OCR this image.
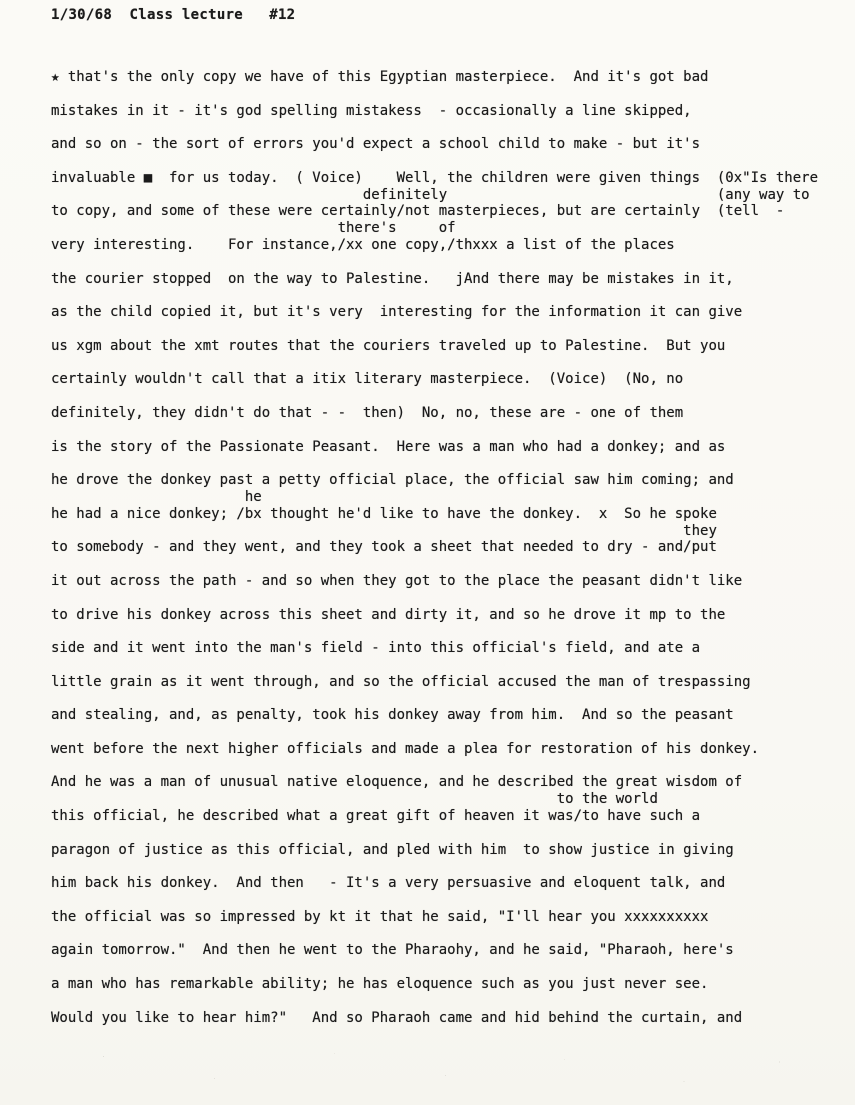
1/30/68  Class lecture   #12
★ that's the only copy we have of this Egyptian masterpiece.  And it's got bad
mistakes in it - it's god spelling mistakess  - occasionally a line skipped,
and so on - the sort of errors you'd expect a school child to make - but it's
invaluable ■  for us today.  ( Voice)    Well, the children were given things  (0x"Is there
definitely                                (any way to
to copy, and some of these were certainly/not masterpieces, but are certainly  (tell  -
there's     of
very interesting.    For instance,/xx one copy,/thxxx a list of the places
the courier stopped  on the way to Palestine.   jAnd there may be mistakes in it,
as the child copied it, but it's very  interesting for the information it can give
us xgm about the xmt routes that the couriers traveled up to Palestine.  But you
certainly wouldn't call that a itix literary masterpiece.  (Voice)  (No, no
definitely, they didn't do that - -  then)  No, no, these are - one of them
is the story of the Passionate Peasant.  Here was a man who had a donkey; and as
he drove the donkey past a petty official place, the official saw him coming; and
he
he had a nice donkey; /bx thought he'd like to have the donkey.  x  So he spoke
they
to somebody - and they went, and they took a sheet that needed to dry - and/put
it out across the path - and so when they got to the place the peasant didn't like
to drive his donkey across this sheet and dirty it, and so he drove it mp to the
side and it went into the man's field - into this official's field, and ate a
little grain as it went through, and so the official accused the man of trespassing
and stealing, and, as penalty, took his donkey away from him.  And so the peasant
went before the next higher officials and made a plea for restoration of his donkey.
And he was a man of unusual native eloquence, and he described the great wisdom of
to the world
this official, he described what a great gift of heaven it was/to have such a
paragon of justice as this official, and pled with him  to show justice in giving
him back his donkey.  And then   - It's a very persuasive and eloquent talk, and
the official was so impressed by kt it that he said, "I'll hear you xxxxxxxxxx
again tomorrow."  And then he went to the Pharaohy, and he said, "Pharaoh, here's
a man who has remarkable ability; he has eloquence such as you just never see.
Would you like to hear him?"   And so Pharaoh came and hid behind the curtain, and
